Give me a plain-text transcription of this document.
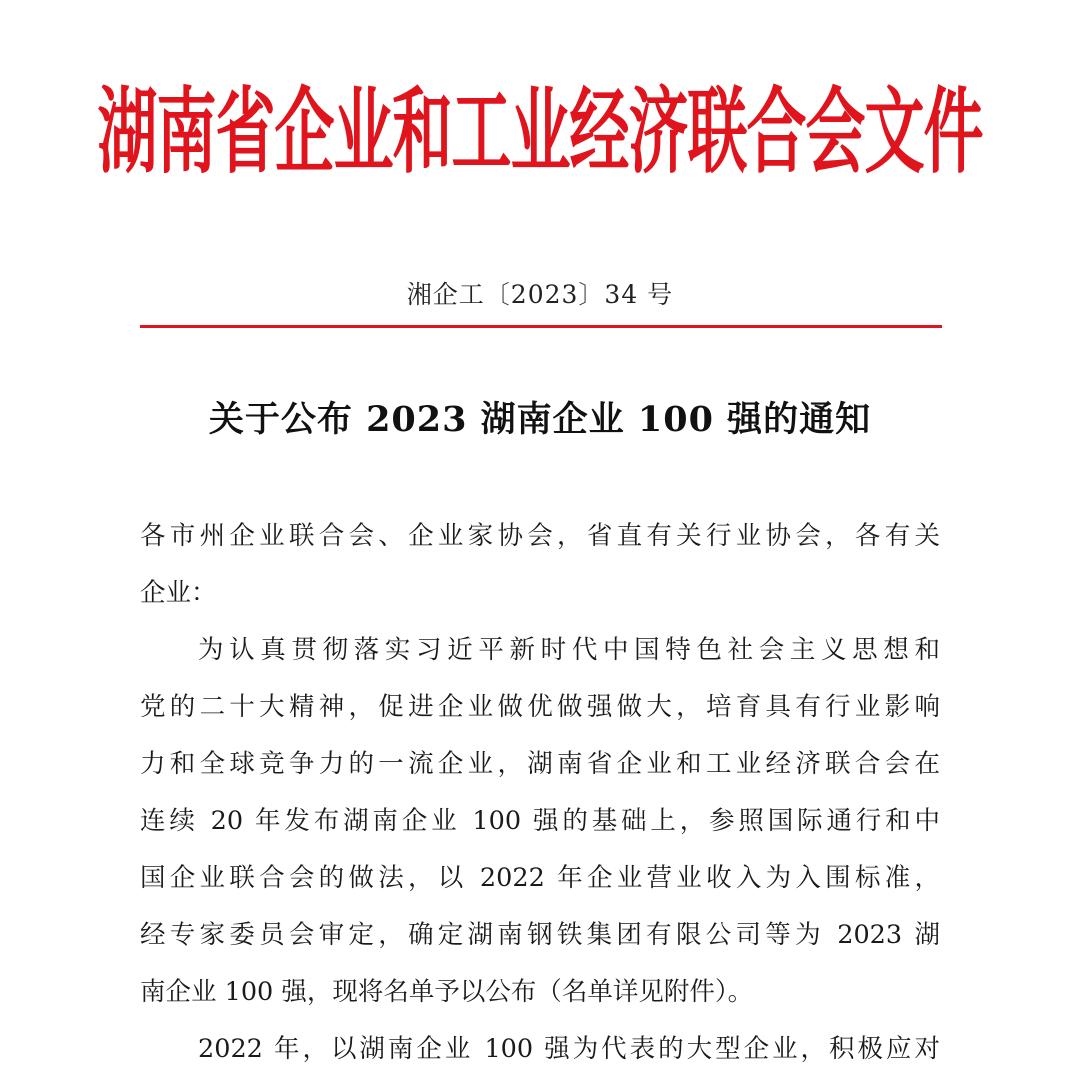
湖南省企业和工业经济联合会文件
湘企工〔2023〕34 号
关于公布 2023 湖南企业 100 强的通知
各市州企业联合会、企业家协会，省直有关行业协会，各有关
企业：
为认真贯彻落实习近平新时代中国特色社会主义思想和
党的二十大精神，促进企业做优做强做大，培育具有行业影响
力和全球竞争力的一流企业，湖南省企业和工业经济联合会在
连续 20 年发布湖南企业 100 强的基础上，参照国际通行和中
国企业联合会的做法，以 2022 年企业营业收入为入围标准，
经专家委员会审定，确定湖南钢铁集团有限公司等为 2023 湖
南企业 100 强，现将名单予以公布（名单详见附件）。
2022 年，以湖南企业 100 强为代表的大型企业，积极应对
